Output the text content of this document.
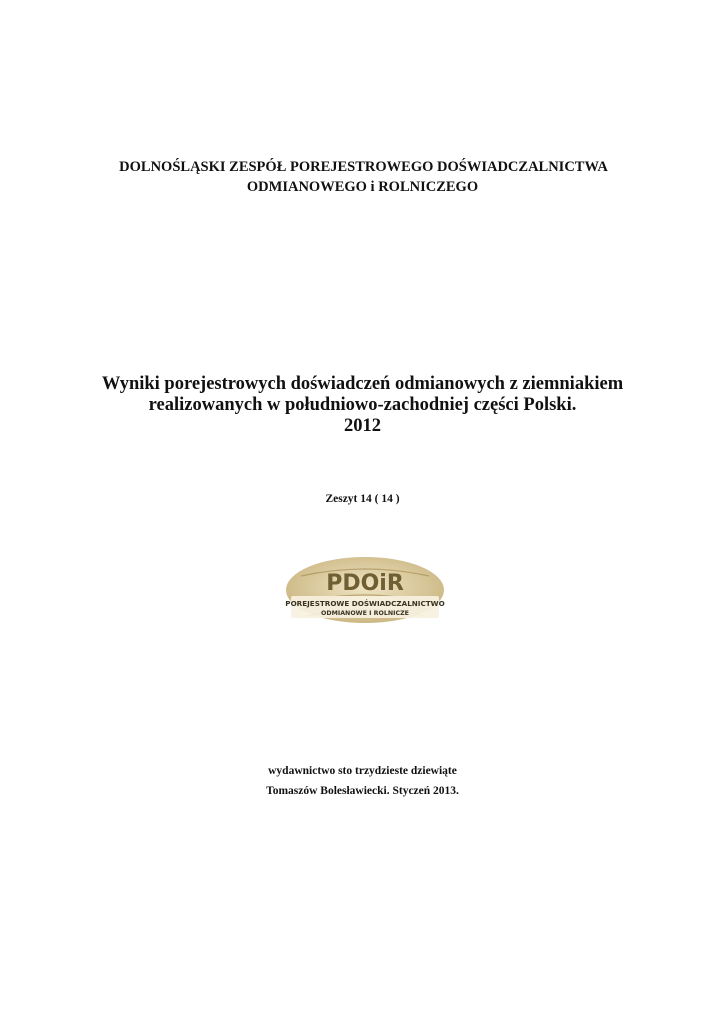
DOLNOŚLĄSKI ZESPÓŁ POREJESTROWEGO DOŚWIADCZALNICTWA
ODMIANOWEGO i ROLNICZEGO
Wyniki porejestrowych doświadczeń odmianowych z ziemniakiem
realizowanych w południowo-zachodniej części Polski.
2012
Zeszyt 14 ( 14 )
PDOiR
POREJESTROWE DOŚWIADCZALNICTWO
ODMIANOWE I ROLNICZE
wydawnictwo sto trzydzieste dziewiąte
Tomaszów Bolesławiecki. Styczeń 2013.
